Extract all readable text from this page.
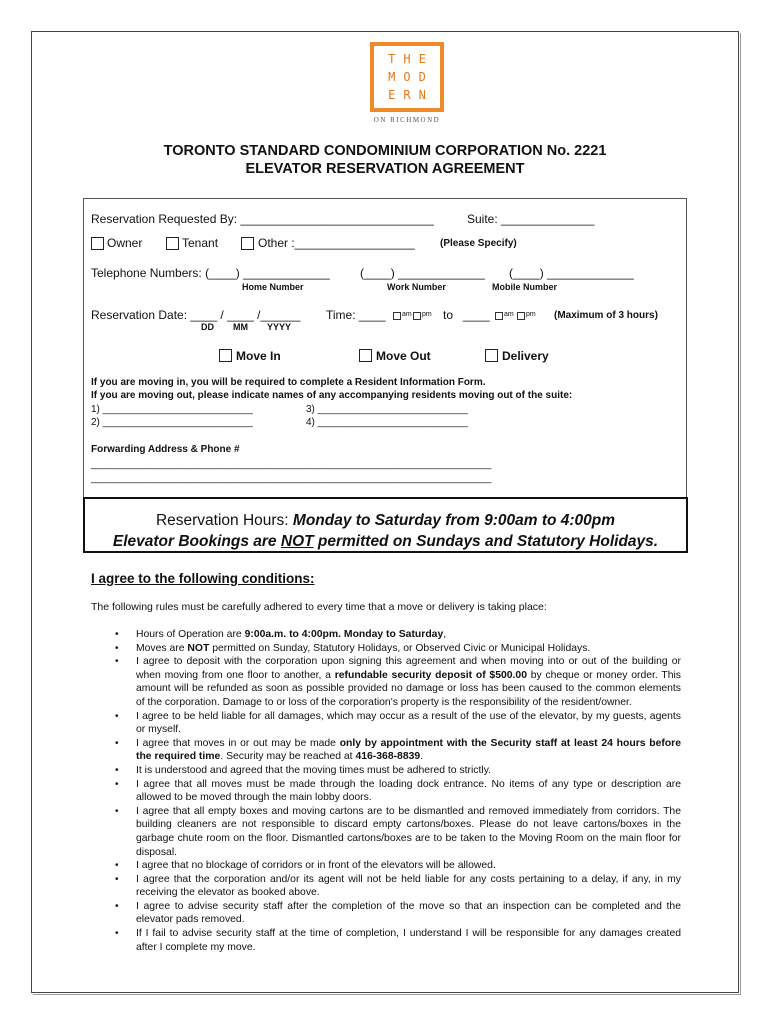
THE
MOD
ERN
ON RICHMOND
TORONTO STANDARD CONDOMINIUM CORPORATION No. 2221
ELEVATOR RESERVATION AGREEMENT
Reservation Requested By: _____________________________	Suite: ______________
Owner	Tenant	Other :__________________	(Please Specify)
Telephone Numbers: (____) _____________	(____) _____________ (____) _____________
Home Number	Work Number	Mobile Number
Reservation Date: ____ / ____ /______
DD MM YYYY
Time: ____ am pm to ____ am pm (Maximum of 3 hours)
Move In	Move Out	Delivery
If you are moving in, you will be required to complete a Resident Information Form.
If you are moving out, please indicate names of any accompanying residents moving out of the suite:
1) ___________________________	3) ___________________________
2) ___________________________	4) ___________________________
Forwarding Address & Phone #
________________________________________________________________________
________________________________________________________________________
Reservation Hours: Monday to Saturday from 9:00am to 4:00pm
Elevator Bookings are NOT permitted on Sundays and Statutory Holidays.
I agree to the following conditions:
The following rules must be carefully adhered to every time that a move or delivery is taking place:
• Hours of Operation are 9:00a.m. to 4:00pm. Monday to Saturday,
• Moves are NOT permitted on Sunday, Statutory Holidays, or Observed Civic or Municipal Holidays.
• I agree to deposit with the corporation upon signing this agreement and when moving into or out of the building or when moving from one floor to another, a refundable security deposit of $500.00 by cheque or money order. This amount will be refunded as soon as possible provided no damage or loss has been caused to the common elements of the corporation. Damage to or loss of the corporation's property is the responsibility of the resident/owner.
• I agree to be held liable for all damages, which may occur as a result of the use of the elevator, by my guests, agents or myself.
• I agree that moves in or out may be made only by appointment with the Security staff at least 24 hours before the required time. Security may be reached at 416-368-8839.
• It is understood and agreed that the moving times must be adhered to strictly.
• I agree that all moves must be made through the loading dock entrance. No items of any type or description are allowed to be moved through the main lobby doors.
• I agree that all empty boxes and moving cartons are to be dismantled and removed immediately from corridors. The building cleaners are not responsible to discard empty cartons/boxes. Please do not leave cartons/boxes in the garbage chute room on the floor. Dismantled cartons/boxes are to be taken to the Moving Room on the main floor for disposal.
• I agree that no blockage of corridors or in front of the elevators will be allowed.
• I agree that the corporation and/or its agent will not be held liable for any costs pertaining to a delay, if any, in my receiving the elevator as booked above.
• I agree to advise security staff after the completion of the move so that an inspection can be completed and the elevator pads removed.
• If I fail to advise security staff at the time of completion, I understand I will be responsible for any damages created after I complete my move.
